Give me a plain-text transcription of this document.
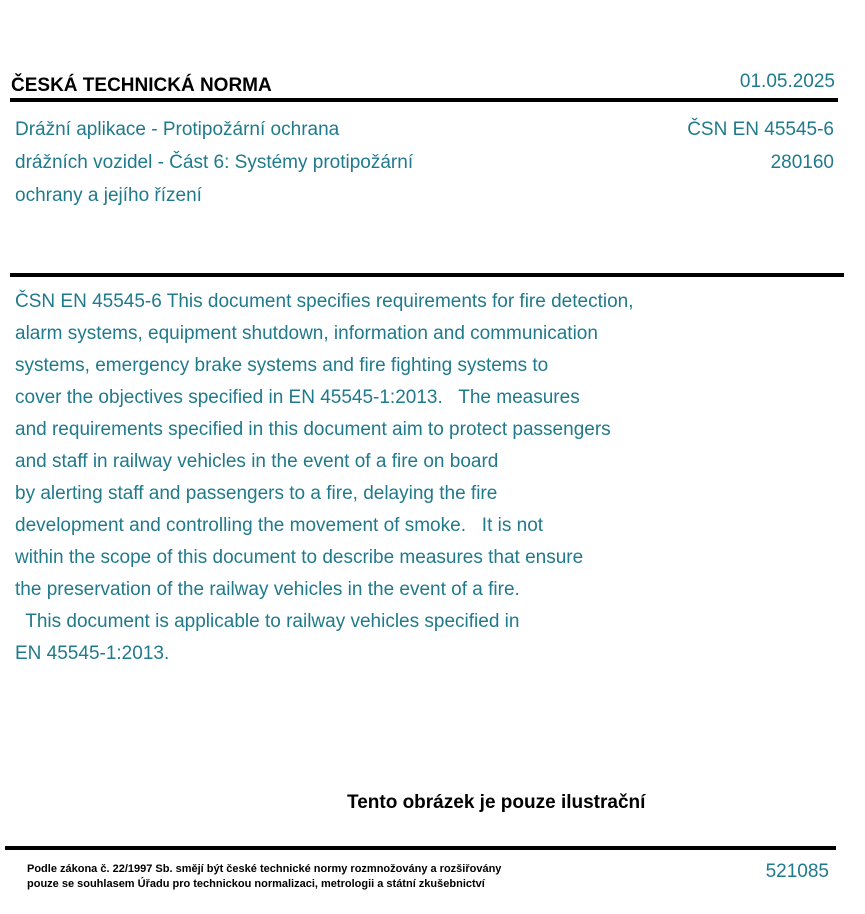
ČESKÁ TECHNICKÁ NORMA	01.05.2025
Drážní aplikace - Protipožární ochrana
drážních vozidel - Část 6: Systémy protipožární
ochrany a jejího řízení
ČSN EN 45545-6
280160
ČSN EN 45545-6 This document specifies requirements for fire detection,
alarm systems, equipment shutdown, information and communication
systems, emergency brake systems and fire fighting systems to
cover the objectives specified in EN 45545-1:2013.   The measures
and requirements specified in this document aim to protect passengers
and staff in railway vehicles in the event of a fire on board
by alerting staff and passengers to a fire, delaying the fire
development and controlling the movement of smoke.   It is not
within the scope of this document to describe measures that ensure
the preservation of the railway vehicles in the event of a fire.
This document is applicable to railway vehicles specified in
EN 45545-1:2013.
Tento obrázek je pouze ilustrační
Podle zákona č. 22/1997 Sb. smějí být české technické normy rozmnožovány a rozšiřovány
pouze se souhlasem Úřadu pro technickou normalizaci, metrologii a státní zkušebnictví
521085
